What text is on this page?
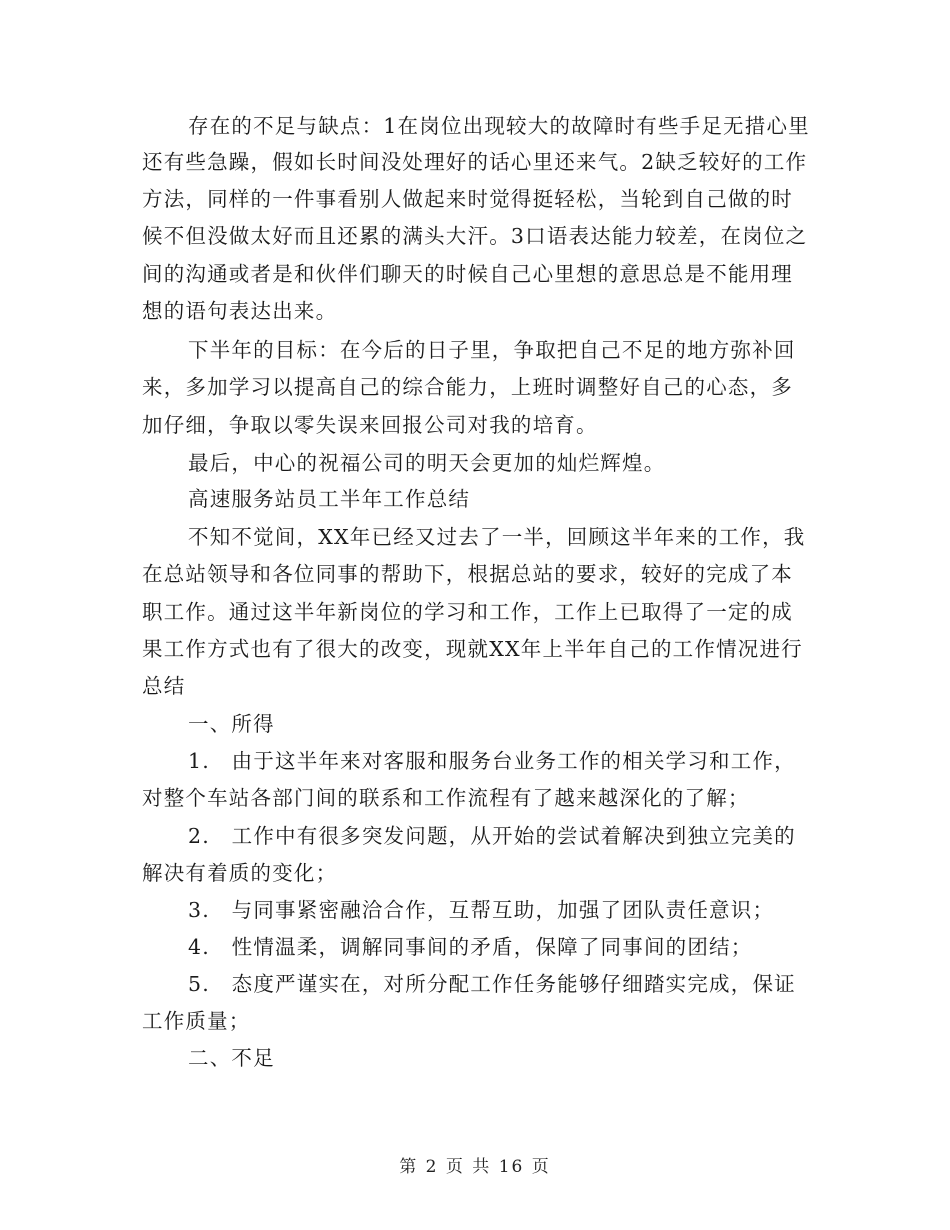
存在的不足与缺点：1在岗位出现较大的故障时有些手足无措心里
还有些急躁，假如长时间没处理好的话心里还来气。2缺乏较好的工作
方法，同样的一件事看别人做起来时觉得挺轻松，当轮到自己做的时
候不但没做太好而且还累的满头大汗。3口语表达能力较差，在岗位之
间的沟通或者是和伙伴们聊天的时候自己心里想的意思总是不能用理
想的语句表达出来。
下半年的目标：在今后的日子里，争取把自己不足的地方弥补回
来，多加学习以提高自己的综合能力，上班时调整好自己的心态，多
加仔细，争取以零失误来回报公司对我的培育。
最后，中心的祝福公司的明天会更加的灿烂辉煌。
高速服务站员工半年工作总结
不知不觉间，XX年已经又过去了一半，回顾这半年来的工作，我
在总站领导和各位同事的帮助下，根据总站的要求，较好的完成了本
职工作。通过这半年新岗位的学习和工作，工作上已取得了一定的成
果工作方式也有了很大的改变，现就XX年上半年自己的工作情况进行
总结
一、所得
1.　由于这半年来对客服和服务台业务工作的相关学习和工作，
对整个车站各部门间的联系和工作流程有了越来越深化的了解；
2.　工作中有很多突发问题，从开始的尝试着解决到独立完美的
解决有着质的变化；
3.　与同事紧密融洽合作，互帮互助，加强了团队责任意识；
4.　性情温柔，调解同事间的矛盾，保障了同事间的团结；
5.　态度严谨实在，对所分配工作任务能够仔细踏实完成，保证
工作质量；
二、不足
第 2 页 共 16 页
